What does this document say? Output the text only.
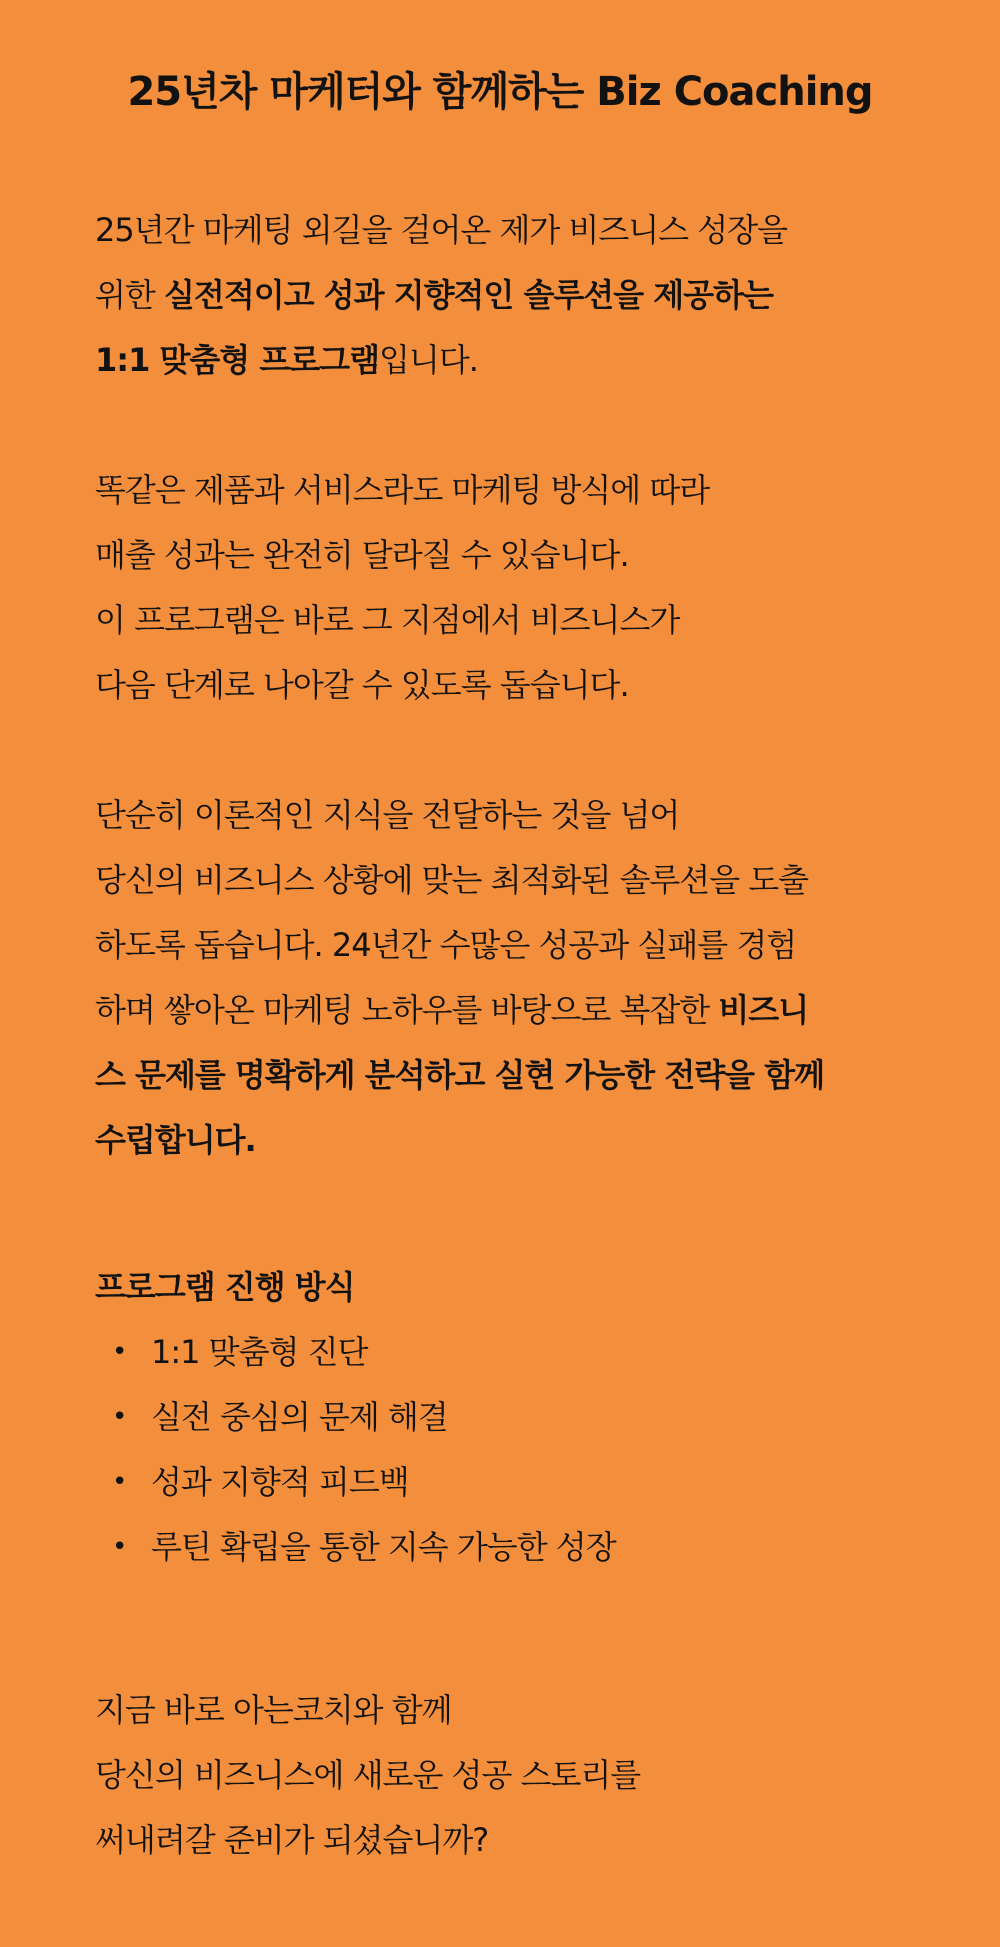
25년차 마케터와 함께하는 Biz Coaching
25년간 마케팅 외길을 걸어온 제가 비즈니스 성장을
위한 실전적이고 성과 지향적인 솔루션을 제공하는
1:1 맞춤형 프로그램입니다.
똑같은 제품과 서비스라도 마케팅 방식에 따라
매출 성과는 완전히 달라질 수 있습니다.
이 프로그램은 바로 그 지점에서 비즈니스가
다음 단계로 나아갈 수 있도록 돕습니다.
단순히 이론적인 지식을 전달하는 것을 넘어
당신의 비즈니스 상황에 맞는 최적화된 솔루션을 도출
하도록 돕습니다. 24년간 수많은 성공과 실패를 경험
하며 쌓아온 마케팅 노하우를 바탕으로 복잡한 비즈니
스 문제를 명확하게 분석하고 실현 가능한 전략을 함께
수립합니다.
프로그램 진행 방식
• 1:1 맞춤형 진단
• 실전 중심의 문제 해결
• 성과 지향적 피드백
• 루틴 확립을 통한 지속 가능한 성장
지금 바로 아는코치와 함께
당신의 비즈니스에 새로운 성공 스토리를
써내려갈 준비가 되셨습니까?
